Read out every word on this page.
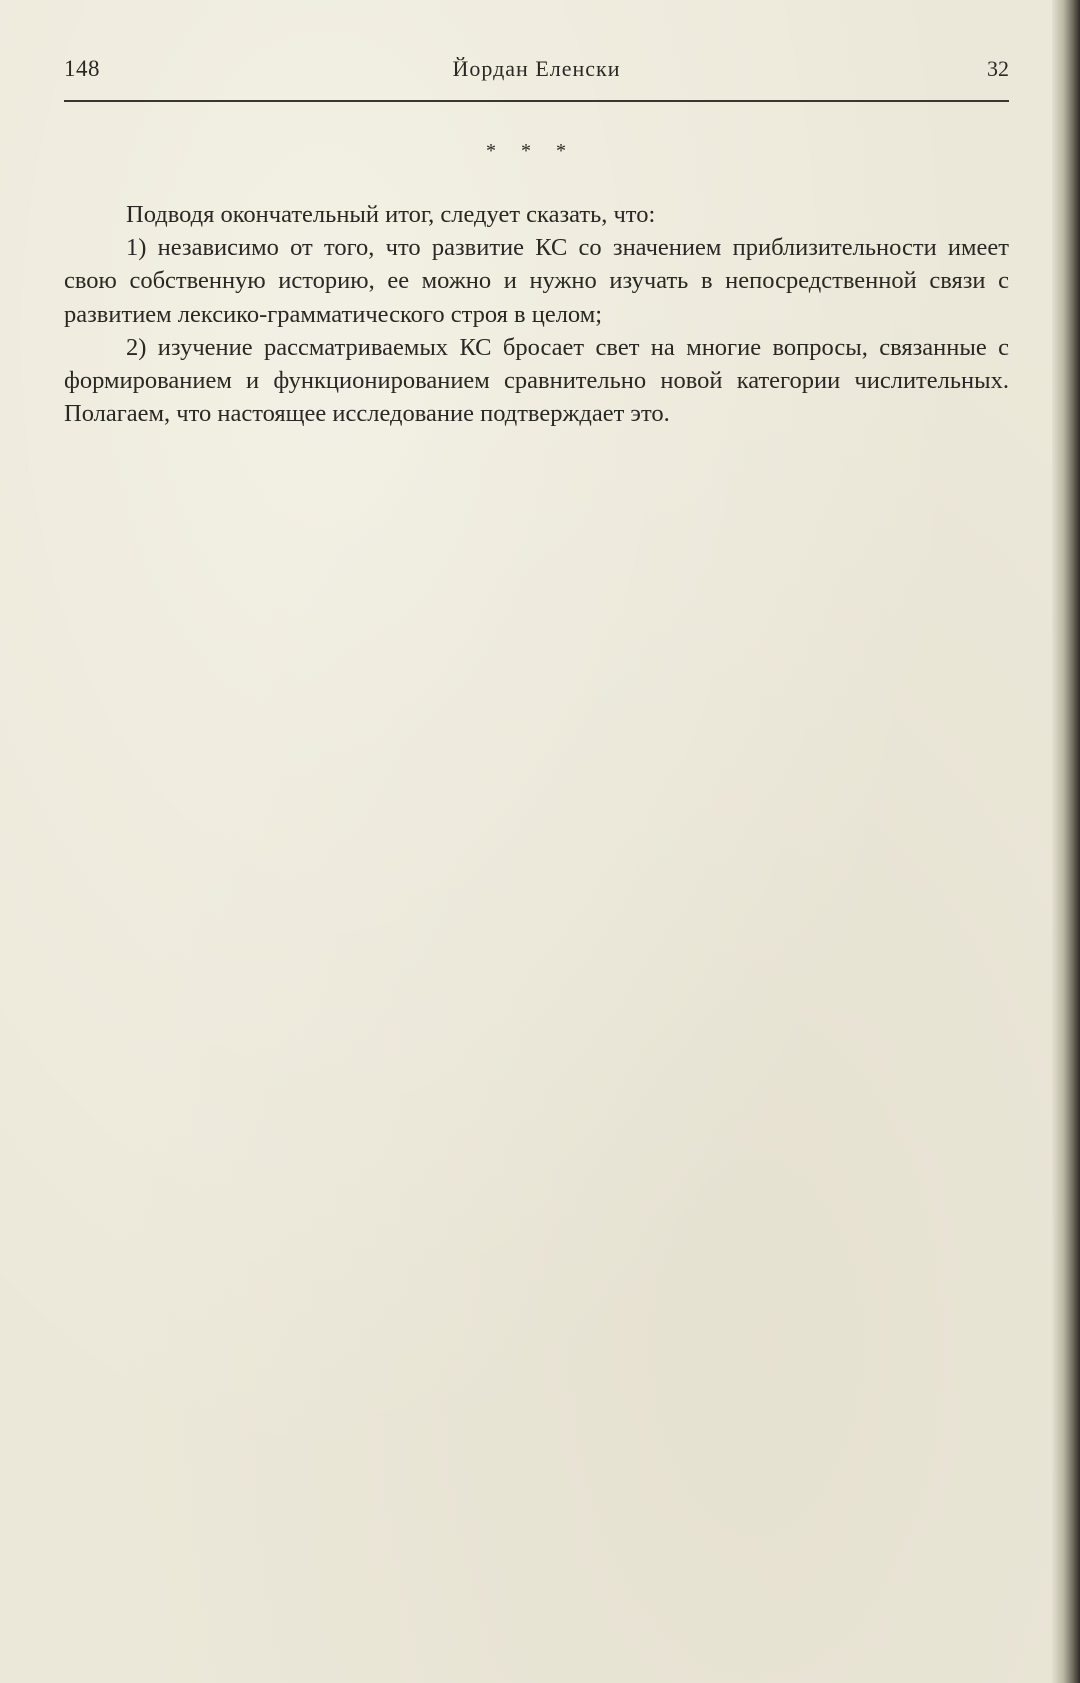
148	Йордан Еленски	32
* * *

Подводя окончательный итог, следует сказать, что:

1) независимо от того, что развитие КС со значением приблизительности имеет свою собственную историю, ее можно и нужно изучать в непосредственной связи с развитием лексико-грамматического строя в целом;

2) изучение рассматриваемых КС бросает свет на многие вопросы, связанные с формированием и функционированием сравнительно новой категории числительных. Полагаем, что настоящее исследование подтверждает это.
